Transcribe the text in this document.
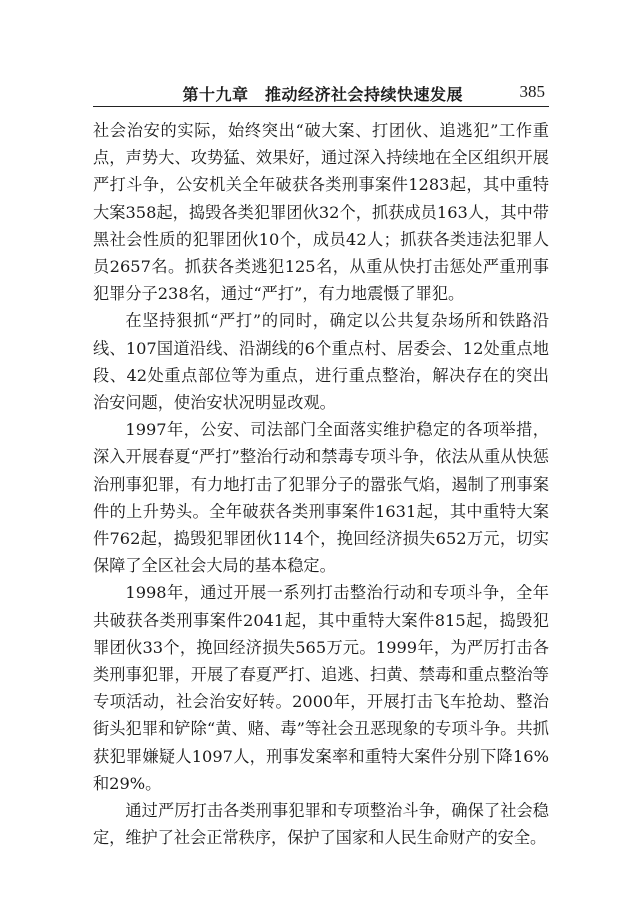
第十九章　推动经济社会持续快速发展	385

社会治安的实际，始终突出“破大案、打团伙、追逃犯”工作重点，声势大、攻势猛、效果好，通过深入持续地在全区组织开展严打斗争，公安机关全年破获各类刑事案件1283起，其中重特大案358起，捣毁各类犯罪团伙32个，抓获成员163人，其中带黑社会性质的犯罪团伙10个，成员42人；抓获各类违法犯罪人员2657名。抓获各类逃犯125名，从重从快打击惩处严重刑事犯罪分子238名，通过“严打”，有力地震慑了罪犯。

在坚持狠抓“严打”的同时，确定以公共复杂场所和铁路沿线、107国道沿线、沿湖线的6个重点村、居委会、12处重点地段、42处重点部位等为重点，进行重点整治，解决存在的突出治安问题，使治安状况明显改观。

1997年，公安、司法部门全面落实维护稳定的各项举措，深入开展春夏“严打”整治行动和禁毒专项斗争，依法从重从快惩治刑事犯罪，有力地打击了犯罪分子的嚣张气焰，遏制了刑事案件的上升势头。全年破获各类刑事案件1631起，其中重特大案件762起，捣毁犯罪团伙114个，挽回经济损失652万元，切实保障了全区社会大局的基本稳定。

1998年，通过开展一系列打击整治行动和专项斗争，全年共破获各类刑事案件2041起，其中重特大案件815起，捣毁犯罪团伙33个，挽回经济损失565万元。1999年，为严厉打击各类刑事犯罪，开展了春夏严打、追逃、扫黄、禁毒和重点整治等专项活动，社会治安好转。2000年，开展打击飞车抢劫、整治街头犯罪和铲除“黄、赌、毒”等社会丑恶现象的专项斗争。共抓获犯罪嫌疑人1097人，刑事发案率和重特大案件分别下降16%和29%。

通过严厉打击各类刑事犯罪和专项整治斗争，确保了社会稳定，维护了社会正常秩序，保护了国家和人民生命财产的安全。
